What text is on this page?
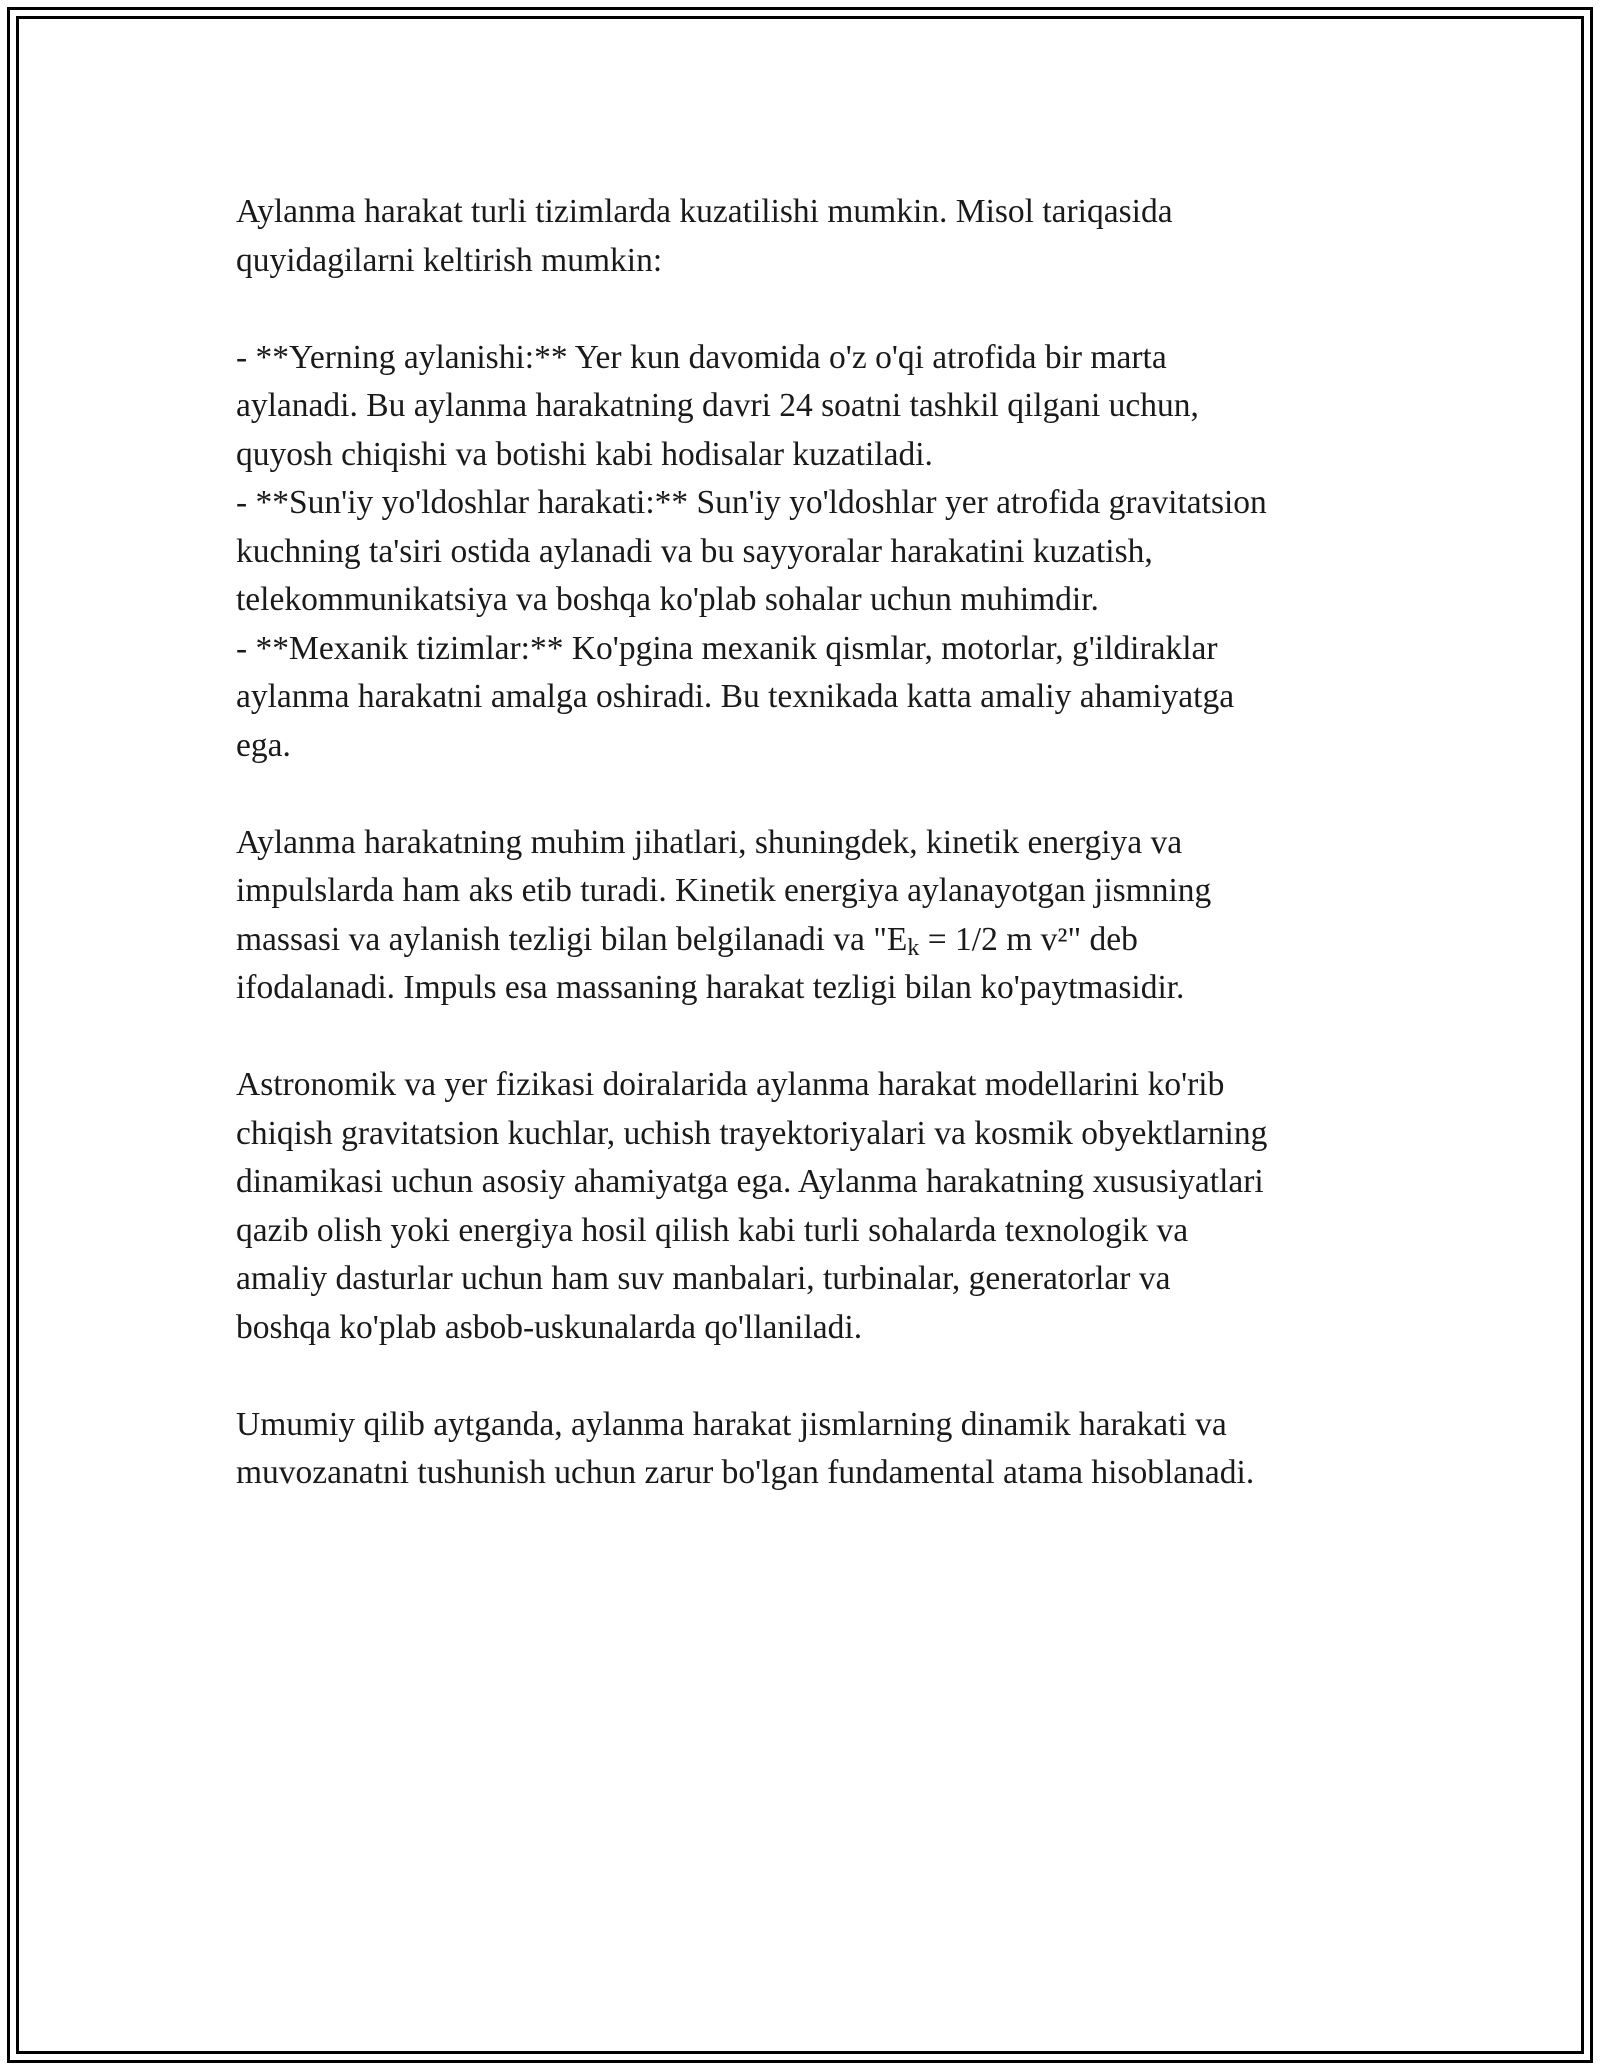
Aylanma harakat turli tizimlarda kuzatilishi mumkin. Misol tariqasida
quyidagilarni keltirish mumkin:

- **Yerning aylanishi:** Yer kun davomida o'z o'qi atrofida bir marta
aylanadi. Bu aylanma harakatning davri 24 soatni tashkil qilgani uchun,
quyosh chiqishi va botishi kabi hodisalar kuzatiladi.
- **Sun'iy yo'ldoshlar harakati:** Sun'iy yo'ldoshlar yer atrofida gravitatsion
kuchning ta'siri ostida aylanadi va bu sayyoralar harakatini kuzatish,
telekommunikatsiya va boshqa ko'plab sohalar uchun muhimdir.
- **Mexanik tizimlar:** Ko'pgina mexanik qismlar, motorlar, g'ildiraklar
aylanma harakatni amalga oshiradi. Bu texnikada katta amaliy ahamiyatga
ega.

Aylanma harakatning muhim jihatlari, shuningdek, kinetik energiya va
impulslarda ham aks etib turadi. Kinetik energiya aylanayotgan jismning
massasi va aylanish tezligi bilan belgilanadi va "$E_k = 1/2$ m v²" deb
ifodalanadi. Impuls esa massaning harakat tezligi bilan ko'paytmasidir.

Astronomik va yer fizikasi doiralarida aylanma harakat modellarini ko'rib
chiqish gravitatsion kuchlar, uchish trayektoriyalari va kosmik obyektlarning
dinamikasi uchun asosiy ahamiyatga ega. Aylanma harakatning xususiyatlari
qazib olish yoki energiya hosil qilish kabi turli sohalarda texnologik va
amaliy dasturlar uchun ham suv manbalari, turbinalar, generatorlar va
boshqa ko'plab asbob-uskunalarda qo'llaniladi.

Umumiy qilib aytganda, aylanma harakat jismlarning dinamik harakati va
muvozanatni tushunish uchun zarur bo'lgan fundamental atama hisoblanadi.
